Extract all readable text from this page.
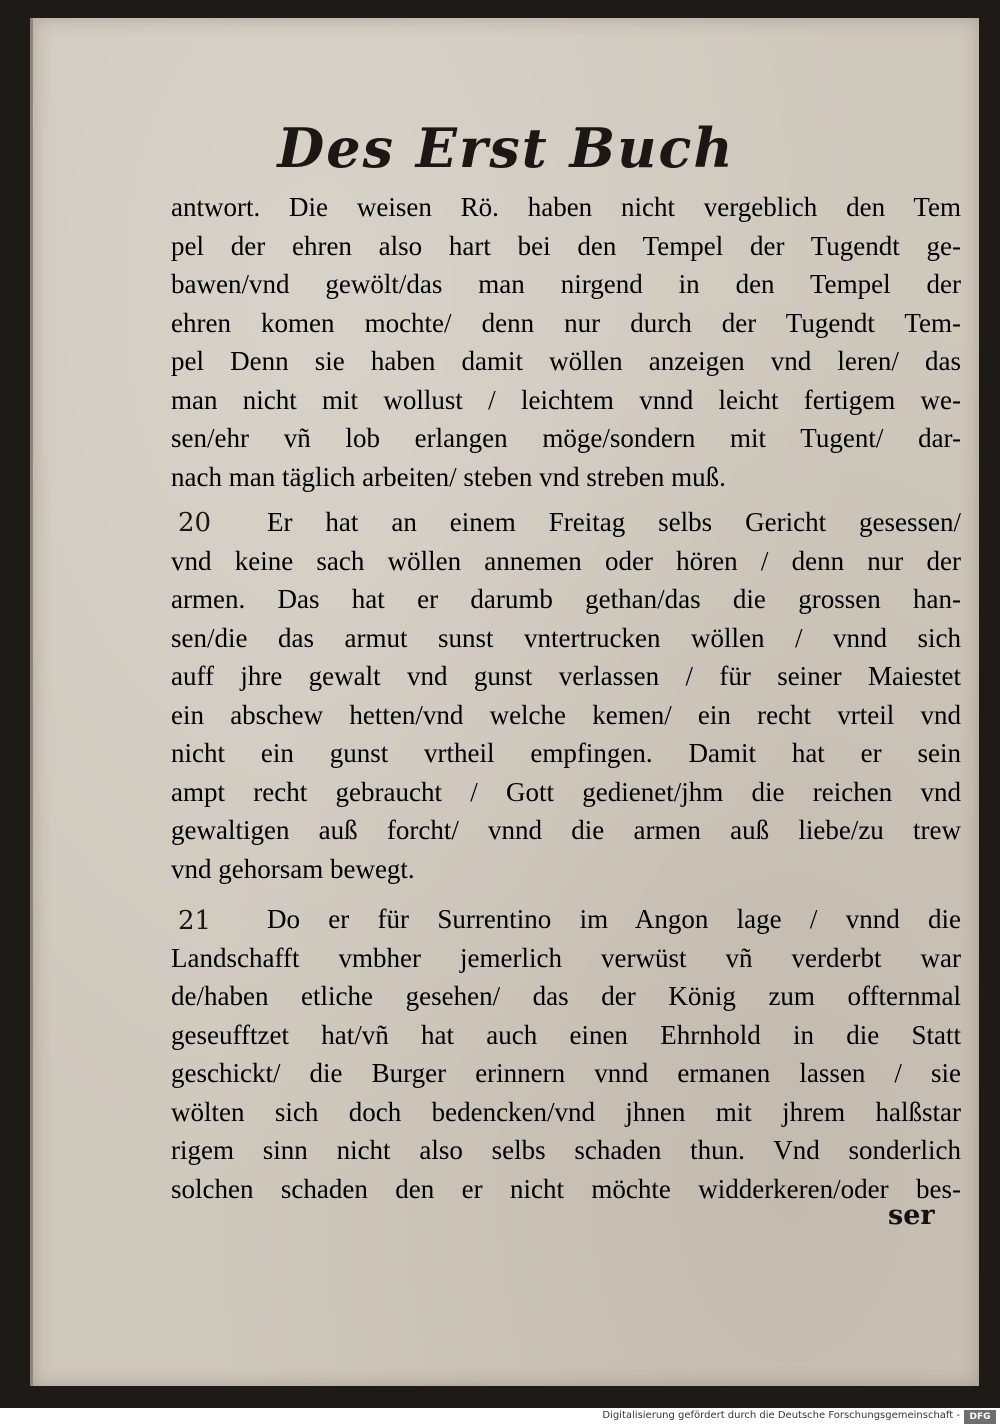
Des Erst Buch
antwort. Die weisen Rö. haben nicht vergeblich den Tem
pel der ehren also hart bei den Tempel der Tugendt ge-
bawen/vnd gewölt/das man nirgend in den Tempel der
ehren komen mochte/ denn nur durch der Tugendt Tem-
pel Denn sie haben damit wöllen anzeigen vnd leren/ das
man nicht mit wollust / leichtem vnnd leicht fertigem we-
sen/ehr vñ lob erlangen möge/sondern mit Tugent/ dar-
nach man täglich arbeiten/ steben vnd streben muß.
20	Er hat an einem Freitag selbs Gericht gesessen/
vnd keine sach wöllen annemen oder hören / denn nur der
armen. Das hat er darumb gethan/das die grossen han-
sen/die das armut sunst vntertrucken wöllen / vnnd sich
auff jhre gewalt vnd gunst verlassen / für seiner Maiestet
ein abschew hetten/vnd welche kemen/ ein recht vrteil vnd
nicht ein gunst vrtheil empfingen. Damit hat er sein
ampt recht gebraucht / Gott gedienet/jhm die reichen vnd
gewaltigen auß forcht/ vnnd die armen auß liebe/zu trew
vnd gehorsam bewegt.
21	Do er für Surrentino im Angon lage / vnnd die
Landschafft vmbher jemerlich verwüst vñ verderbt war
de/haben etliche gesehen/ das der König zum offternmal
geseufftzet hat/vñ hat auch einen Ehrnhold in die Statt
geschickt/ die Burger erinnern vnnd ermanen lassen / sie
wölten sich doch bedencken/vnd jhnen mit jhrem halßstar
rigem sinn nicht also selbs schaden thun. Vnd sonderlich
solchen schaden den er nicht möchte widderkeren/oder bes-
ser
Digitalisierung gefördert durch die Deutsche Forschungsgemeinschaft -	DFG
